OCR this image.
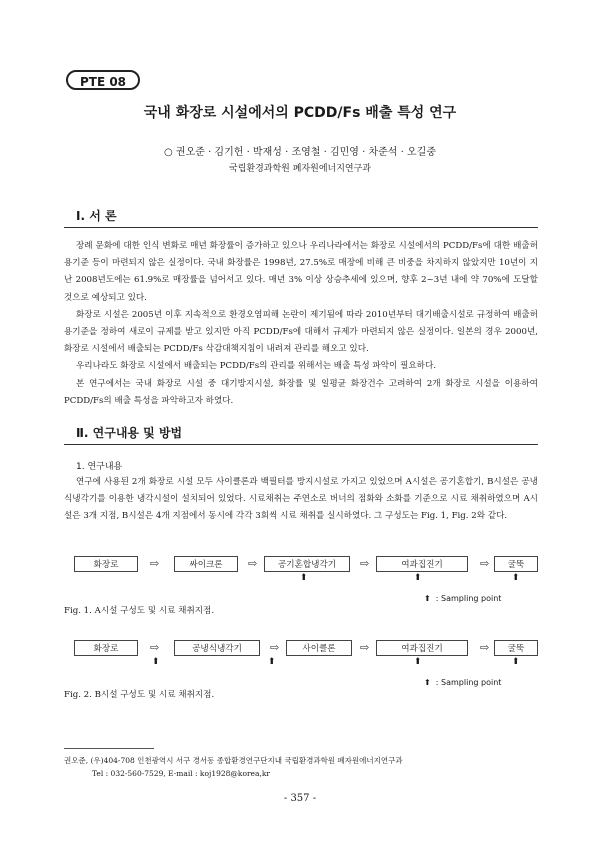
PTE 08
국내 화장로 시설에서의 PCDD/Fs 배출 특성 연구
○ 권오준 · 김기헌 · 박재성 · 조영철 · 김민영 · 차준석 · 오길중
국립환경과학원 폐자원에너지연구과
Ⅰ. 서 론

장례 문화에 대한 인식 변화로 매년 화장률이 증가하고 있으나 우리나라에서는 화장로 시설에서의 PCDD/Fs에 대한 배출허용기준 등이 마련되지 않은 실정이다. 국내 화장률은 1998년, 27.5%로 매장에 비해 큰 비중을 차지하지 않았지만 10년이 지난 2008년도에는 61.9%로 매장률을 넘어서고 있다. 매년 3% 이상 상승추세에 있으며, 향후 2~3년 내에 약 70%에 도달할 것으로 예상되고 있다.

화장로 시설은 2005년 이후 지속적으로 환경오염피해 논란이 제기됨에 따라 2010년부터 대기배출시설로 규정하여 배출허용기준을 정하여 새로이 규제를 받고 있지만 아직 PCDD/Fs에 대해서 규제가 마련되지 않은 실정이다. 일본의 경우 2000년, 화장로 시설에서 배출되는 PCDD/Fs 삭감대책지침이 내려져 관리를 해오고 있다.

우리나라도 화장로 시설에서 배출되는 PCDD/Fs의 관리를 위해서는 배출 특성 파악이 필요하다.

본 연구에서는 국내 화장로 시설 중 대기방지시설, 화장률 및 일평균 화장건수 고려하여 2개 화장로 시설을 이용하여 PCDD/Fs의 배출 특성을 파악하고자 하였다.

Ⅱ. 연구내용 및 방법
1. 연구내용

연구에 사용된 2개 화장로 시설 모두 사이클론과 백필터를 방지시설로 가지고 있었으며 A시설은 공기혼합기, B시설은 공냉식냉각기를 이용한 냉각시설이 설치되어 있었다. 시료채취는 주연소로 버너의 점화와 소화를 기준으로 시료 채취하였으며 A시설은 3개 지점, B시설은 4개 지점에서 동시에 각각 3회씩 시료 채취를 실시하였다. 그 구성도는 Fig. 1, Fig. 2와 같다.

화장로	⇨	싸이크론	⇨	공기혼합냉각기	⇨	여과집진기	⇨	굴뚝
⬆	⬆	⬆
⬆ : Sampling point
Fig. 1. A시설 구성도 및 시료 채취지점.
화장로	⇨	공냉식냉각기	⇨	사이클론	⇨	여과집진기	⇨	굴뚝
⬆	⬆	⬆	⬆
⬆ : Sampling point
Fig. 2. B시설 구성도 및 시료 채취지점.
권오준, (우)404-708 인천광역시 서구 경서동 종합환경연구단지내 국립환경과학원 폐자원에너지연구과
Tel : 032-560-7529, E-mail : koj1928@korea,kr
- 357 -
